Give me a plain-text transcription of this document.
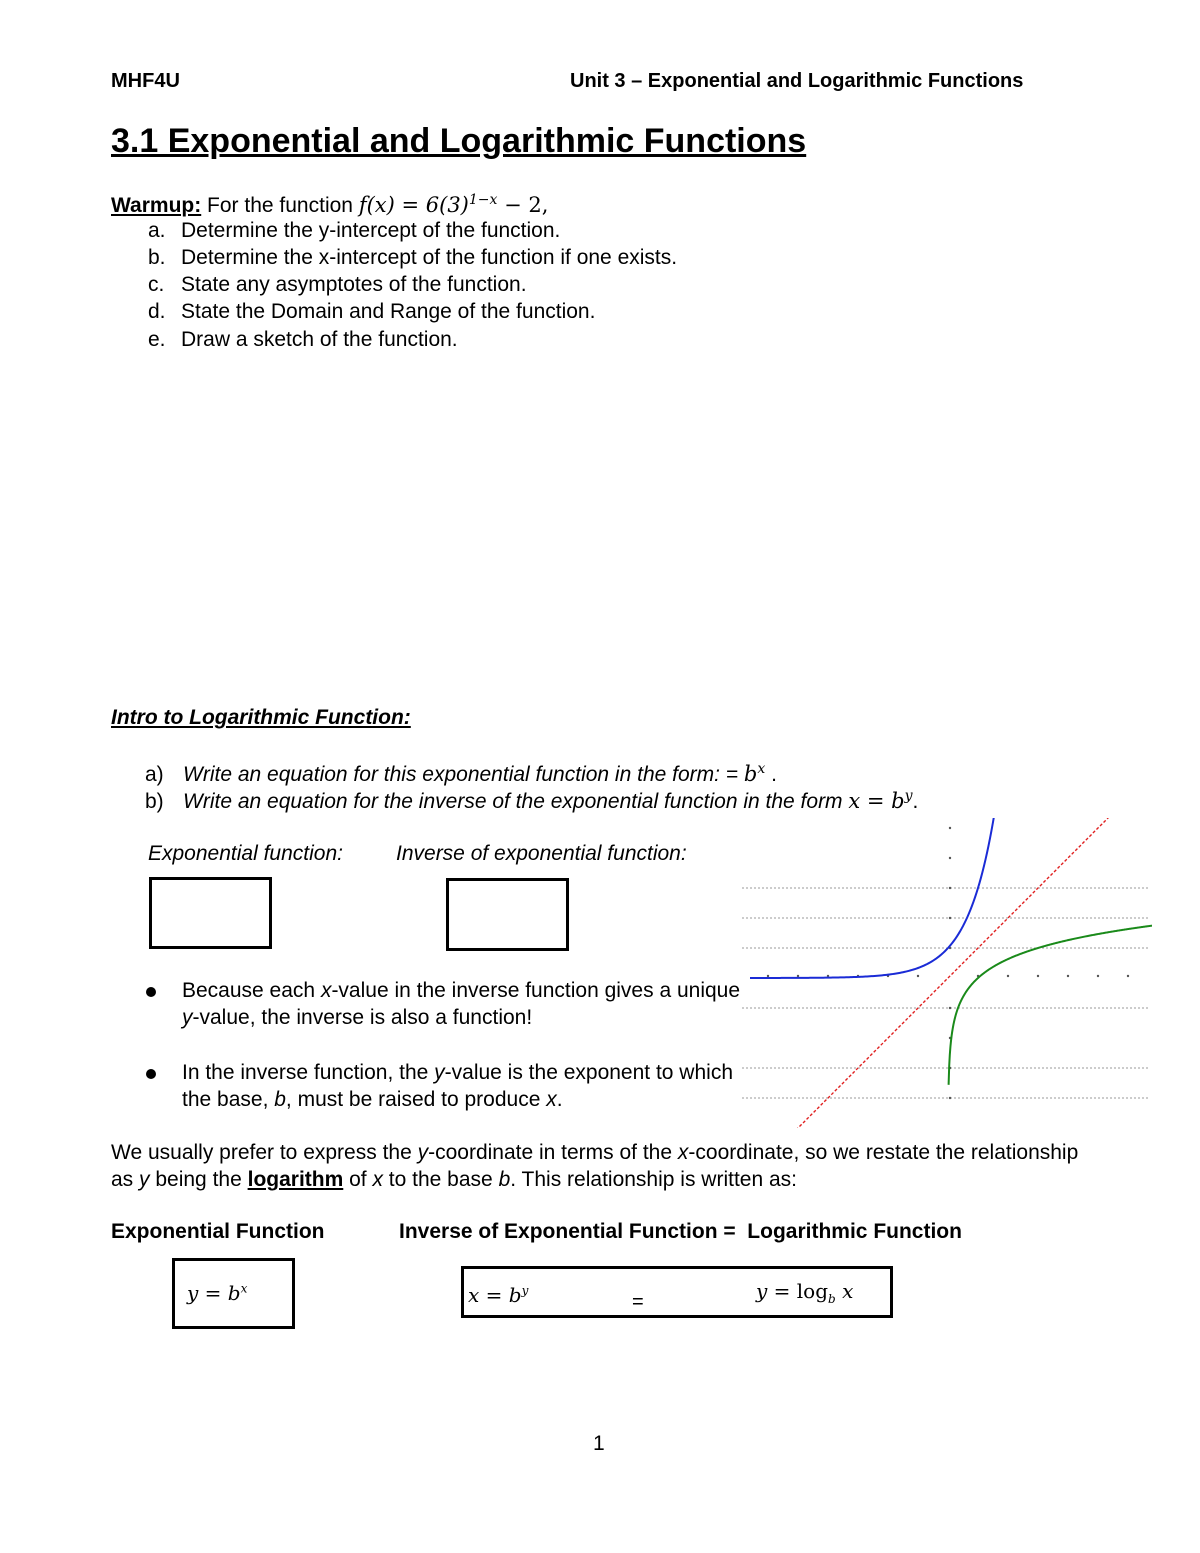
MHF4U	Unit 3 – Exponential and Logarithmic Functions
3.1 Exponential and Logarithmic Functions
Warmup: For the function $f(x) = 6(3)^{1-x} - 2$,
a. Determine the y-intercept of the function.
b. Determine the x-intercept of the function if one exists.
c. State any asymptotes of the function.
d. State the Domain and Range of the function.
e. Draw a sketch of the function.
Intro to Logarithmic Function:
a) Write an equation for this exponential function in the form: = $b^x$ .
b) Write an equation for the inverse of the exponential function in the form $x = b^y$.
Exponential function:	Inverse of exponential function:
Because each x-value in the inverse function gives a unique y-value, the inverse is also a function!
In the inverse function, the y-value is the exponent to which the base, b, must be raised to produce x.
We usually prefer to express the y-coordinate in terms of the x-coordinate, so we restate the relationship as y being the logarithm of x to the base b. This relationship is written as:
Exponential Function	Inverse of Exponential Function =  Logarithmic Function
$y = b^x$	$x = b^y$
=	$y = \log_b x$
1
